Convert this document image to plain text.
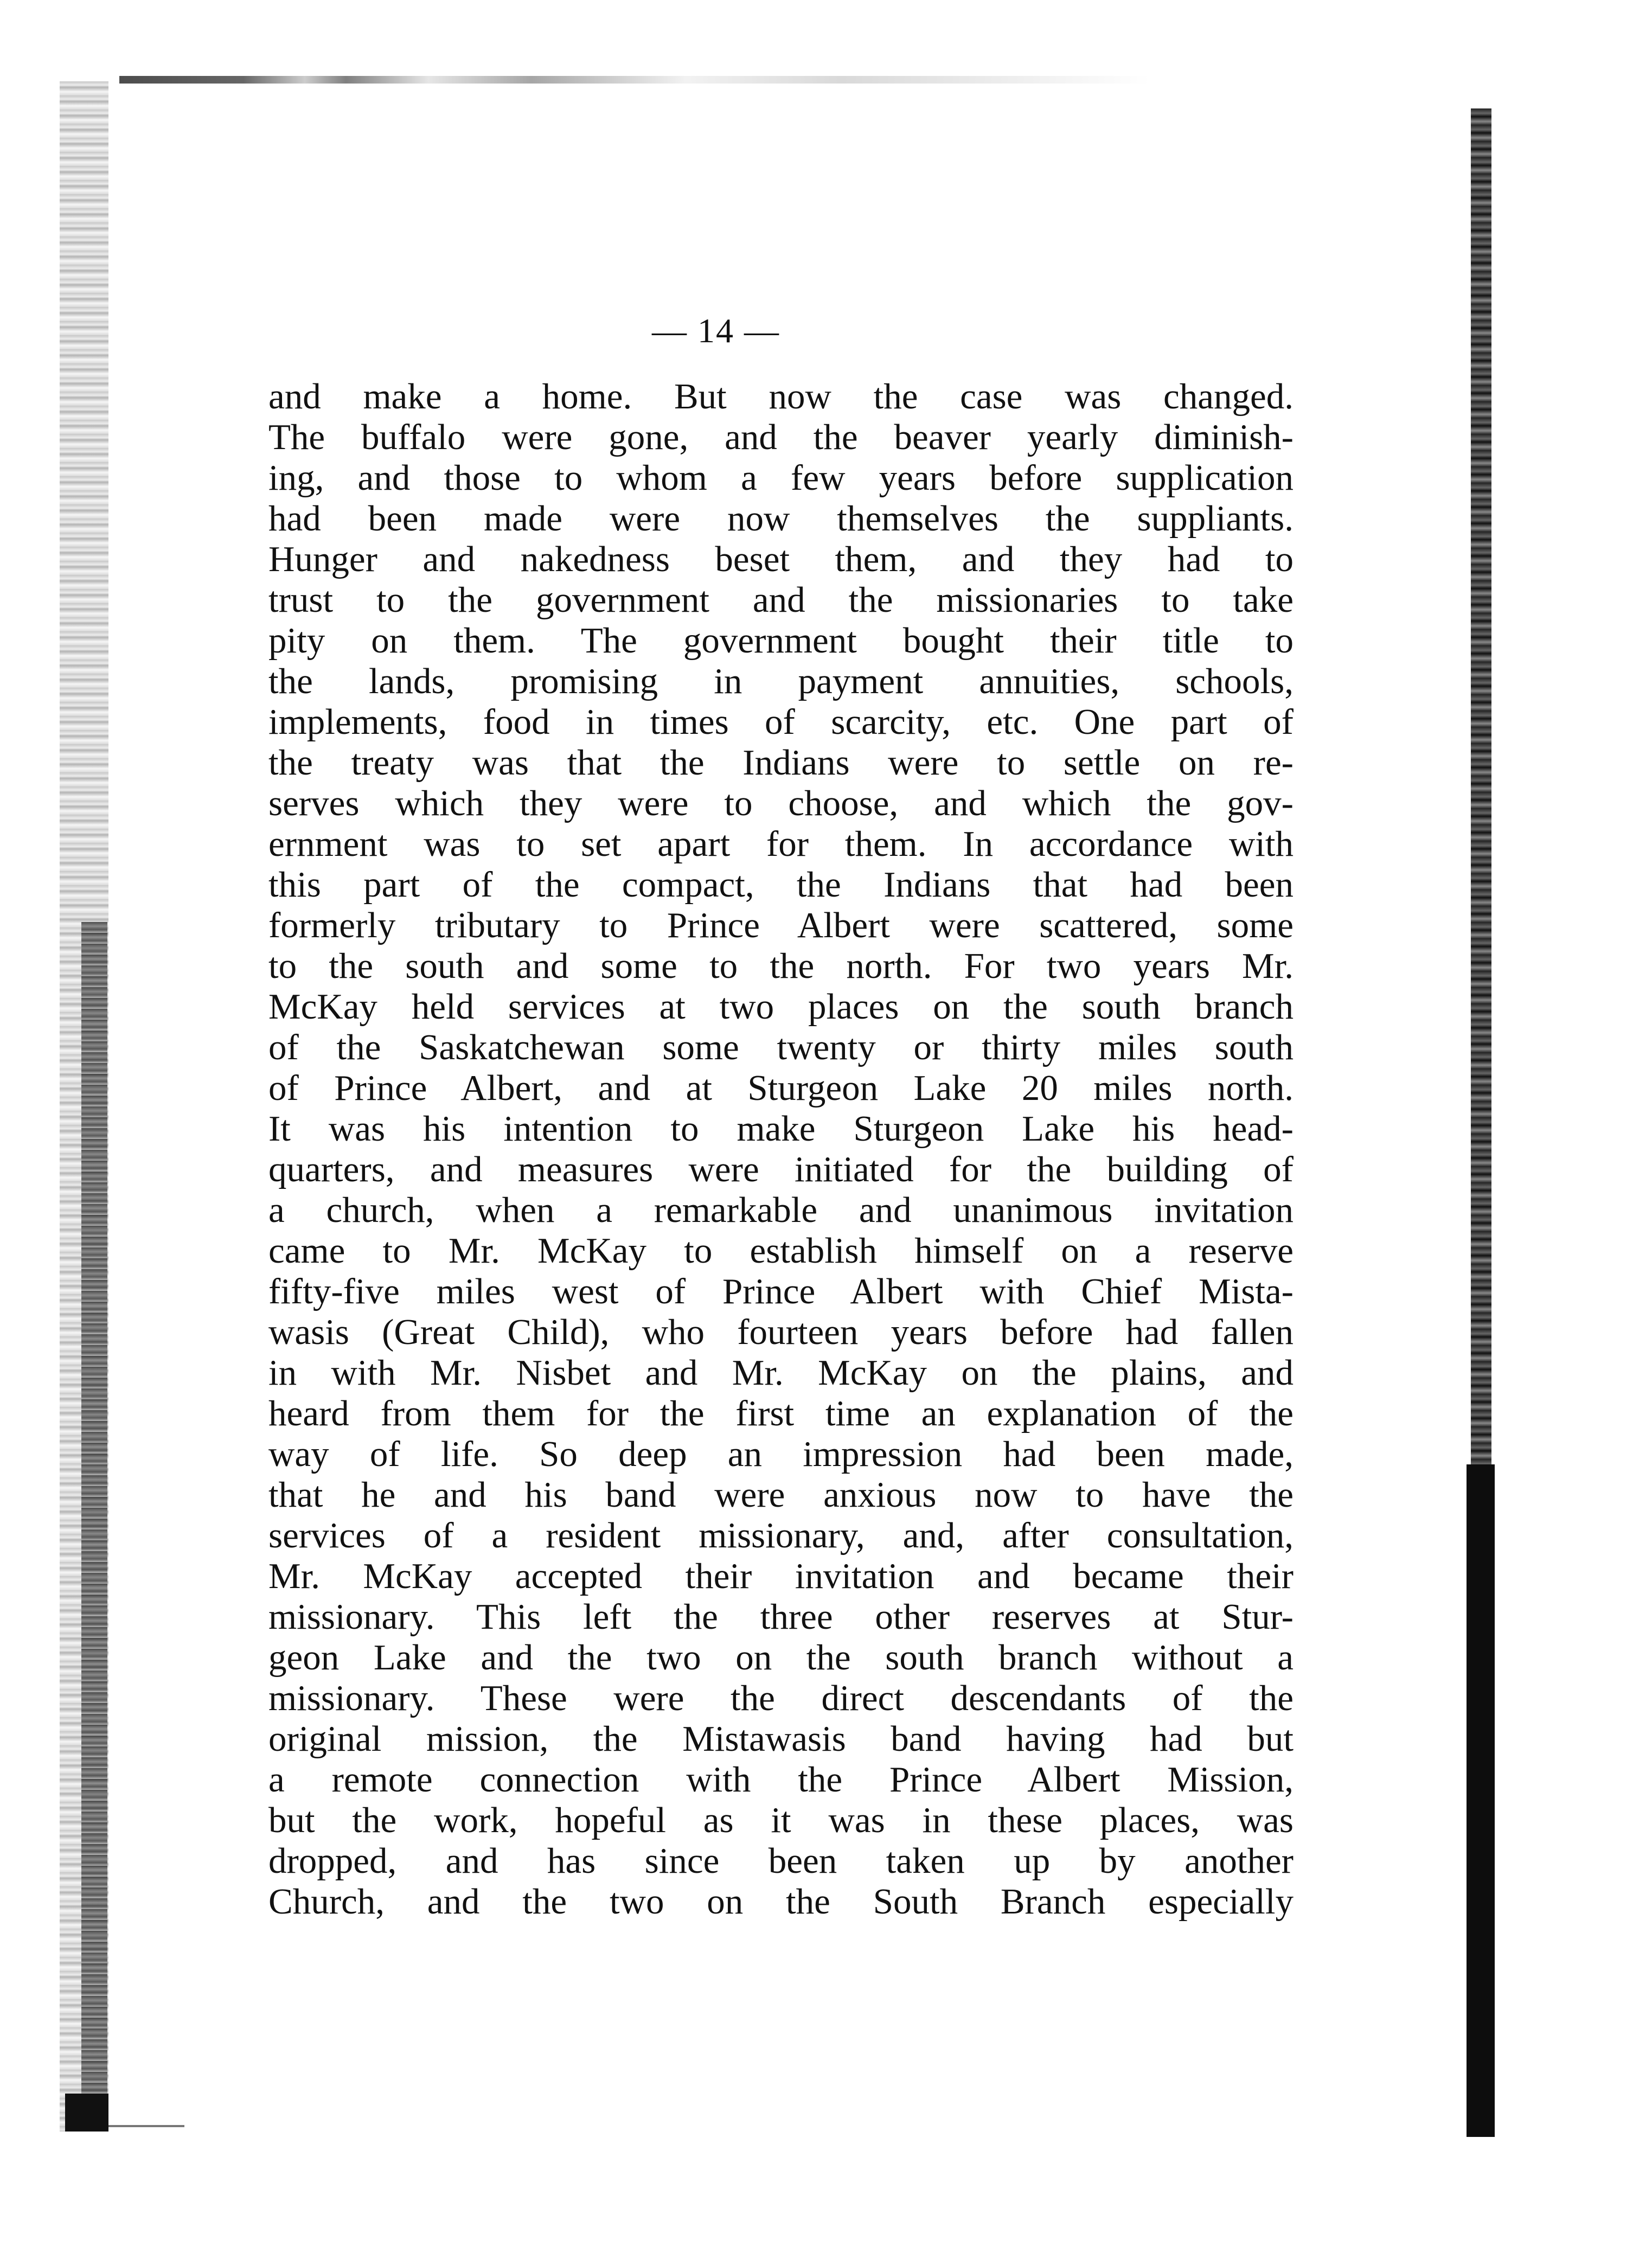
— 14 —
and make a home. But now the case was changed.
The buffalo were gone, and the beaver yearly diminish-
ing, and those to whom a few years before supplication
had been made were now themselves the suppliants.
Hunger and nakedness beset them, and they had to
trust to the government and the missionaries to take
pity on them. The government bought their title to
the lands, promising in payment annuities, schools,
implements, food in times of scarcity, etc. One part of
the treaty was that the Indians were to settle on re-
serves which they were to choose, and which the gov-
ernment was to set apart for them. In accordance with
this part of the compact, the Indians that had been
formerly tributary to Prince Albert were scattered, some
to the south and some to the north. For two years Mr.
McKay held services at two places on the south branch
of the Saskatchewan some twenty or thirty miles south
of Prince Albert, and at Sturgeon Lake 20 miles north.
It was his intention to make Sturgeon Lake his head-
quarters, and measures were initiated for the building of
a church, when a remarkable and unanimous invitation
came to Mr. McKay to establish himself on a reserve
fifty-five miles west of Prince Albert with Chief Mista-
wasis (Great Child), who fourteen years before had fallen
in with Mr. Nisbet and Mr. McKay on the plains, and
heard from them for the first time an explanation of the
way of life. So deep an impression had been made,
that he and his band were anxious now to have the
services of a resident missionary, and, after consultation,
Mr. McKay accepted their invitation and became their
missionary. This left the three other reserves at Stur-
geon Lake and the two on the south branch without a
missionary. These were the direct descendants of the
original mission, the Mistawasis band having had but
a remote connection with the Prince Albert Mission,
but the work, hopeful as it was in these places, was
dropped, and has since been taken up by another
Church, and the two on the South Branch especially
